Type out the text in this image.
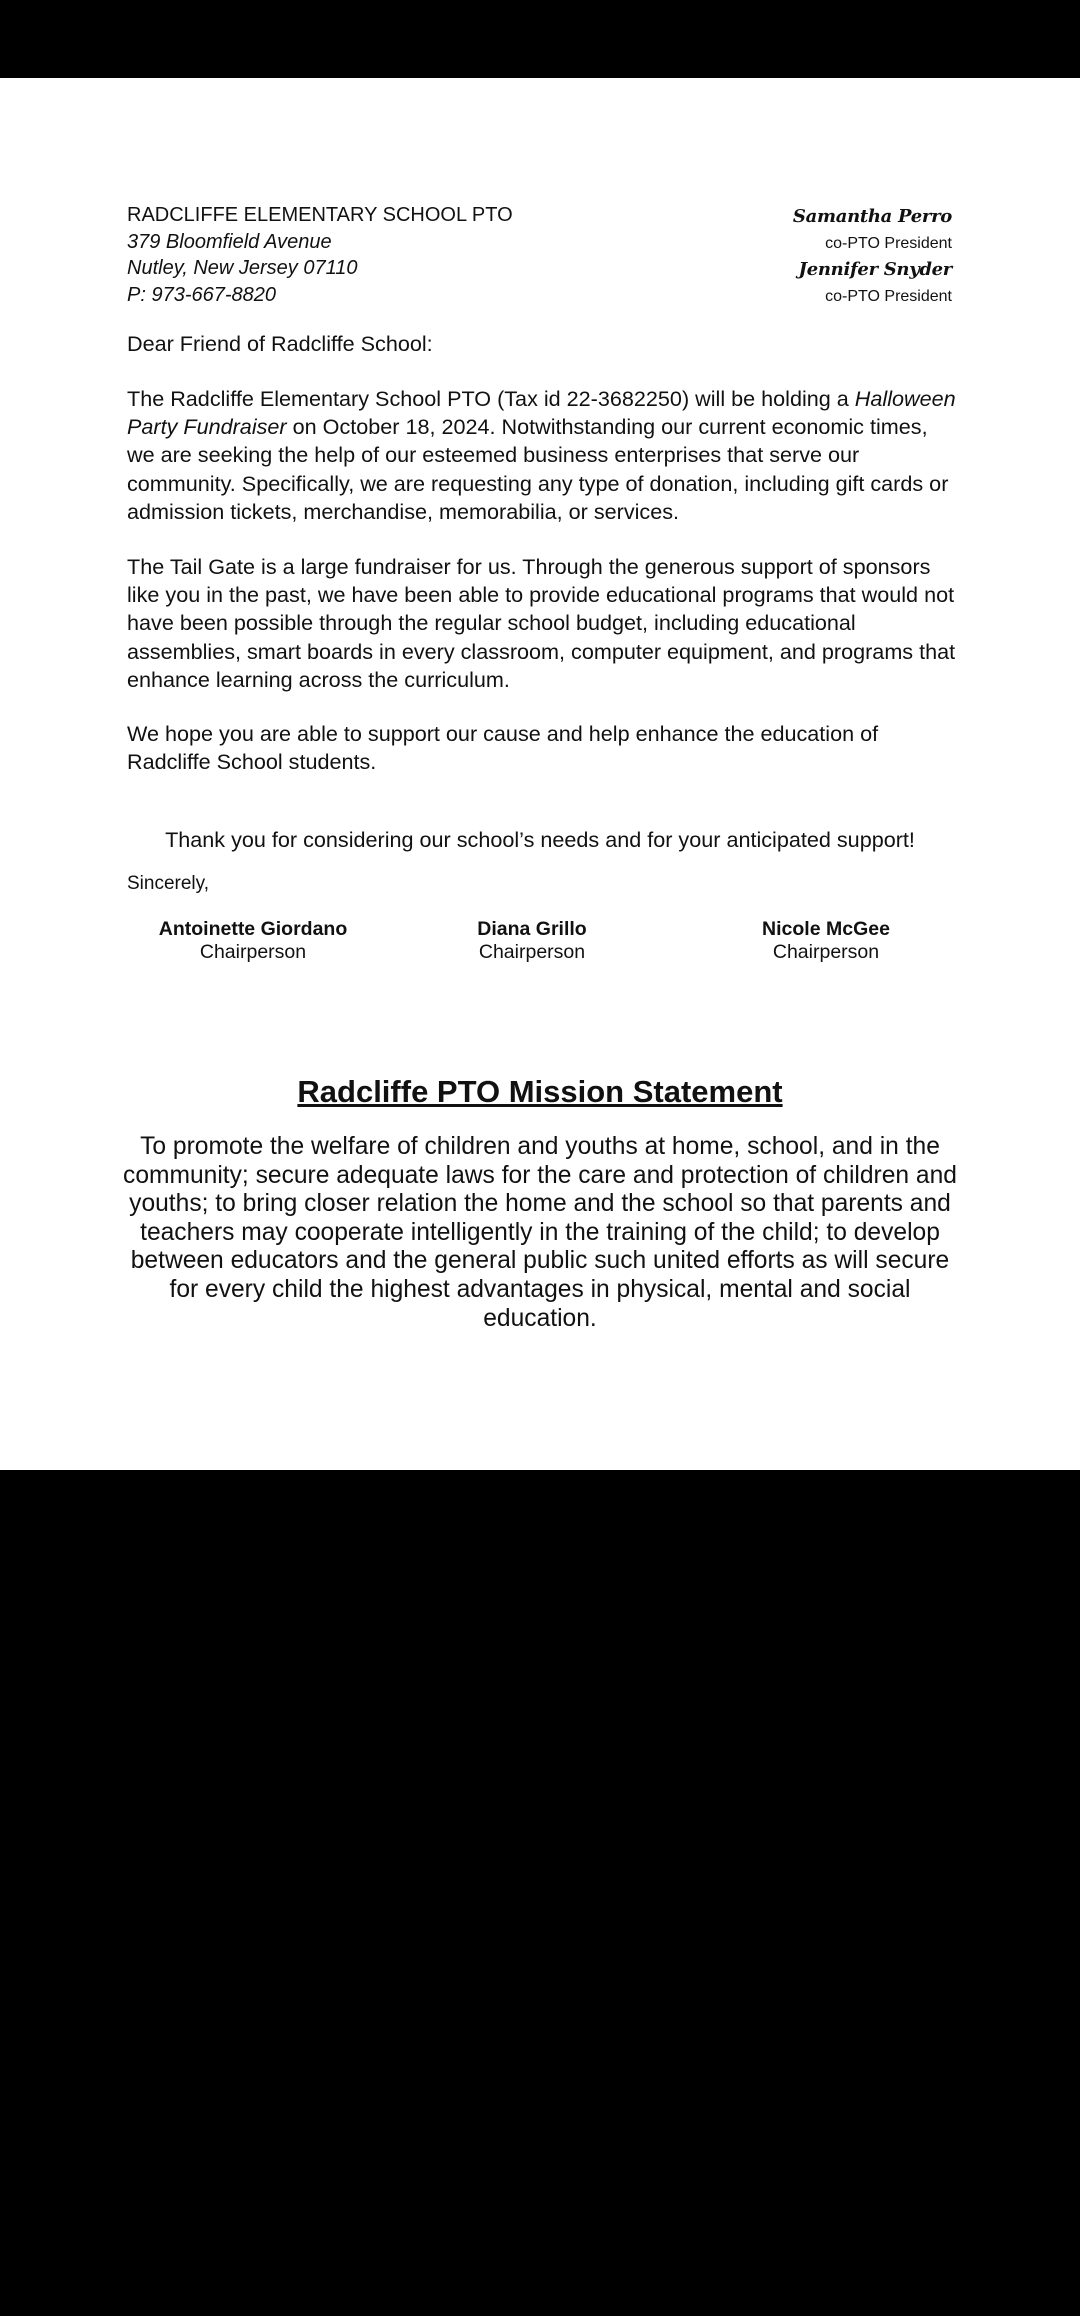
RADCLIFFE ELEMENTARY SCHOOL PTO
379 Bloomfield Avenue
Nutley, New Jersey 07110
P: 973-667-8820
Samantha Perro
co-PTO President
Jennifer Snyder
co-PTO President
Dear Friend of Radcliffe School:
The Radcliffe Elementary School PTO (Tax id 22-3682250) will be holding a Halloween Party Fundraiser on October 18, 2024. Notwithstanding our current economic times, we are seeking the help of our esteemed business enterprises that serve our community. Specifically, we are requesting any type of donation, including gift cards or admission tickets, merchandise, memorabilia, or services.
The Tail Gate is a large fundraiser for us. Through the generous support of sponsors like you in the past, we have been able to provide educational programs that would not have been possible through the regular school budget, including educational assemblies, smart boards in every classroom, computer equipment, and programs that enhance learning across the curriculum.
We hope you are able to support our cause and help enhance the education of Radcliffe School students.
Thank you for considering our school’s needs and for your anticipated support!
Sincerely,
Antoinette Giordano
Chairperson
Diana Grillo
Chairperson
Nicole McGee
Chairperson
Radcliffe PTO Mission Statement
To promote the welfare of children and youths at home, school, and in the community; secure adequate laws for the care and protection of children and youths; to bring closer relation the home and the school so that parents and teachers may cooperate intelligently in the training of the child; to develop between educators and the general public such united efforts as will secure for every child the highest advantages in physical, mental and social education.
